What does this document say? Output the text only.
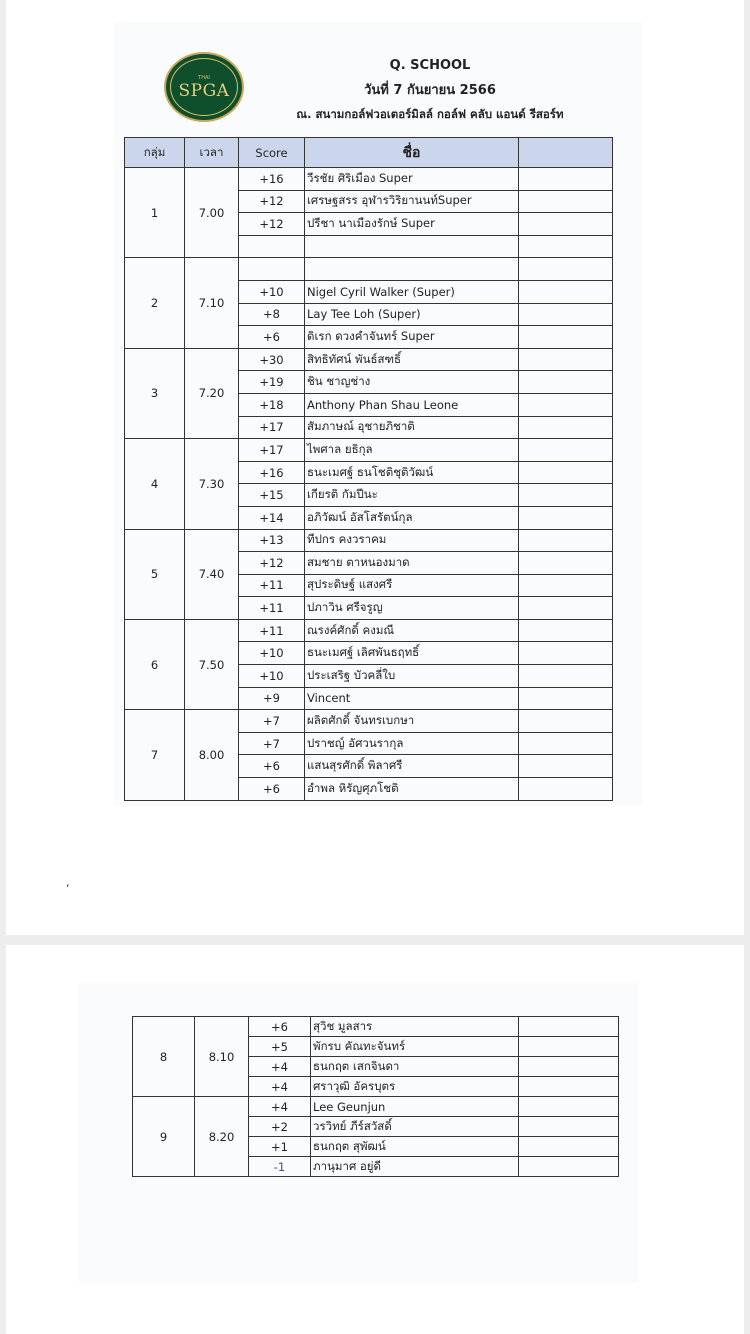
THAI
SPGA
Q. SCHOOL
วันที่ 7 กันยายน 2566
ณ. สนามกอล์ฟวอเตอร์มิลล์ กอล์ฟ คลับ แอนด์ รีสอร์ท
กลุ่ม	เวลา	Score	ชื่อ	
1	7.00	+16	วีรชัย ศิริเมือง Super	
		+12	เศรษฐสรร อุฬารวิริยานนท์Super	
		+12	ปรีชา นาเมืองรักษ์ Super	

2	7.10			
		+10	Nigel Cyril Walker (Super)	
		+8	Lay Tee Loh (Super)	
		+6	ดิเรก ดวงคำจันทร์ Super	
3	7.20	+30	สิทธิทัศน์ พันธ์สฑธิ์	
		+19	ชิน ชาญช่าง	
		+18	Anthony Phan Shau Leone	
		+17	สัมภาษณ์ อุชายภิชาติ	
4	7.30	+17	ไพศาล ยธิกุล	
		+16	ธนะเมศฐ์ ธนโชติชุติวัฒน์	
		+15	เกียรติ กัมปีนะ	
		+14	อภิวัฒน์ อัสโสรัตน์กุล	
5	7.40	+13	ทีปกร คงวราคม	
		+12	สมชาย ตาหนองมาด	
		+11	สุประดิษฐ์ แสงศรี	
		+11	ปภาวิน ศรีจรูญ	
6	7.50	+11	ณรงค์ศักดิ์ คงมณี	
		+10	ธนะเมศฐ์ เลิศพันธฤทธิ์	
		+10	ประเสริฐ บัวคลี่ใบ	
		+9	Vincent	
7	8.00	+7	ผลิตศักดิ์ จันทรเบกษา	
		+7	ปราชญ์ อัศวนรากุล	
		+6	แสนสุรศักดิ์ พิลาศรี	
		+6	อำพล หิรัญศุภโชติ	
8	8.10	+6	สุวิช มูลสาร	
		+5	พักรบ คัณทะจันทร์	
		+4	ธนกฤต เสกจินดา	
		+4	ศราวุฒิ อัครบุตร	
9	8.20	+4	Lee Geunjun	
		+2	วรวิทย์ ภีร์สวัสดิ์	
		+1	ธนกฤต สุพัฒน์	
		-1	ภานุมาศ อยู่ดี	
,
